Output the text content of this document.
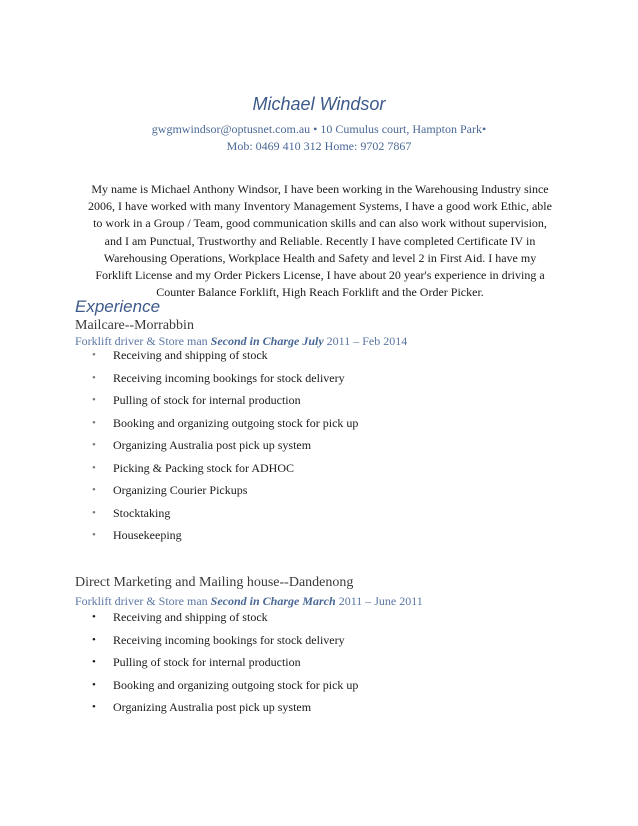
Michael Windsor
gwgmwindsor@optusnet.com.au • 10 Cumulus court, Hampton Park•
Mob: 0469 410 312 Home: 9702 7867
My name is Michael Anthony Windsor, I have been working in the Warehousing Industry since
2006, I have worked with many Inventory Management Systems, I have a good work Ethic, able
to work in a Group / Team, good communication skills and can also work without supervision,
and I am Punctual, Trustworthy and Reliable. Recently I have completed Certificate IV in
Warehousing Operations, Workplace Health and Safety and level 2 in First Aid. I have my
Forklift License and my Order Pickers License, I have about 20 year's experience in driving a
Counter Balance Forklift, High Reach Forklift and the Order Picker.
Experience
Mailcare--Morrabbin
Forklift driver & Store man Second in Charge July 2011 – Feb 2014
• Receiving and shipping of stock
• Receiving incoming bookings for stock delivery
• Pulling of stock for internal production
• Booking and organizing outgoing stock for pick up
• Organizing Australia post pick up system
• Picking & Packing stock for ADHOC
• Organizing Courier Pickups
• Stocktaking
• Housekeeping
Direct Marketing and Mailing house--Dandenong
Forklift driver & Store man Second in Charge March 2011 – June 2011
• Receiving and shipping of stock
• Receiving incoming bookings for stock delivery
• Pulling of stock for internal production
• Booking and organizing outgoing stock for pick up
• Organizing Australia post pick up system
